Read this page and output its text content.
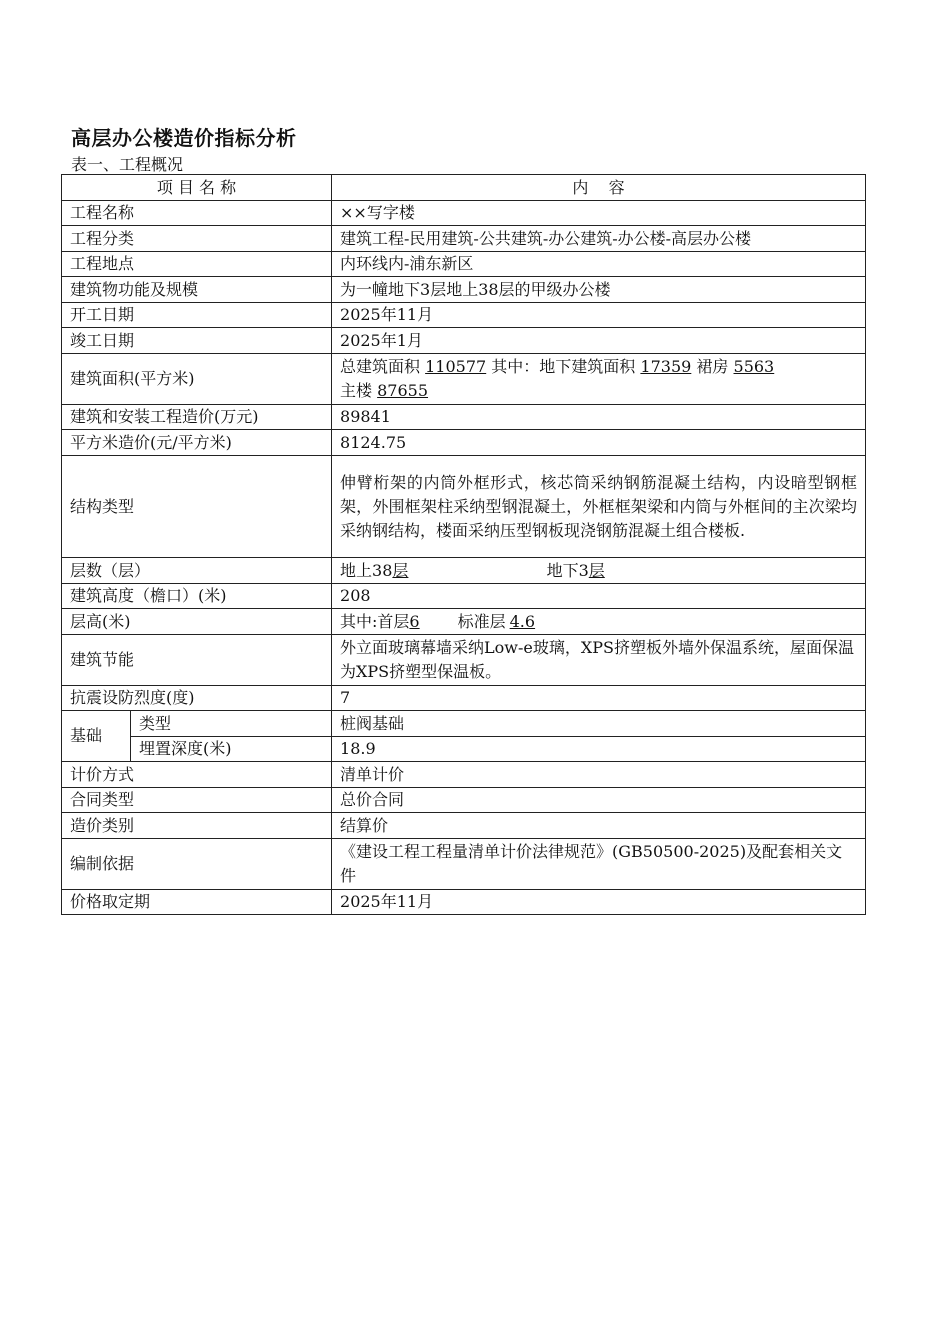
高层办公楼造价指标分析
表一、工程概况
项 目 名 称		内    容
工程名称		××写字楼
工程分类		建筑工程-民用建筑-公共建筑-办公建筑-办公楼-高层办公楼
工程地点		内环线内-浦东新区
建筑物功能及规模		为一幢地下3层地上38层的甲级办公楼
开工日期		2025年11月
竣工日期		2025年1月
建筑面积(平方米)		总建筑面积 110577 其中：地下建筑面积 17359 裙房 5563
主楼 87655
建筑和安装工程造价(万元)		89841
平方米造价(元/平方米)		8124.75
结构类型		伸臂桁架的内筒外框形式，核芯筒采纳钢筋混凝土结构，内设暗型钢框架，外围框架柱采纳型钢混凝土，外框框架梁和内筒与外框间的主次梁均采纳钢结构，楼面采纳压型钢板现浇钢筋混凝土组合楼板.
层数（层）		地上38层 地下3层
建筑高度（檐口）(米)		208
层高(米)		其中:首层6 标准层 4.6
建筑节能		外立面玻璃幕墙采纳Low-e玻璃，XPS挤塑板外墙外保温系统，屋面保温为XPS挤塑型保温板。
抗震设防烈度(度)		7
基础	类型	桩阀基础
	埋置深度(米)	18.9
计价方式		清单计价
合同类型		总价合同
造价类别		结算价
编制依据		《建设工程工程量清单计价法律规范》(GB50500-2025)及配套相关文件
价格取定期		2025年11月
